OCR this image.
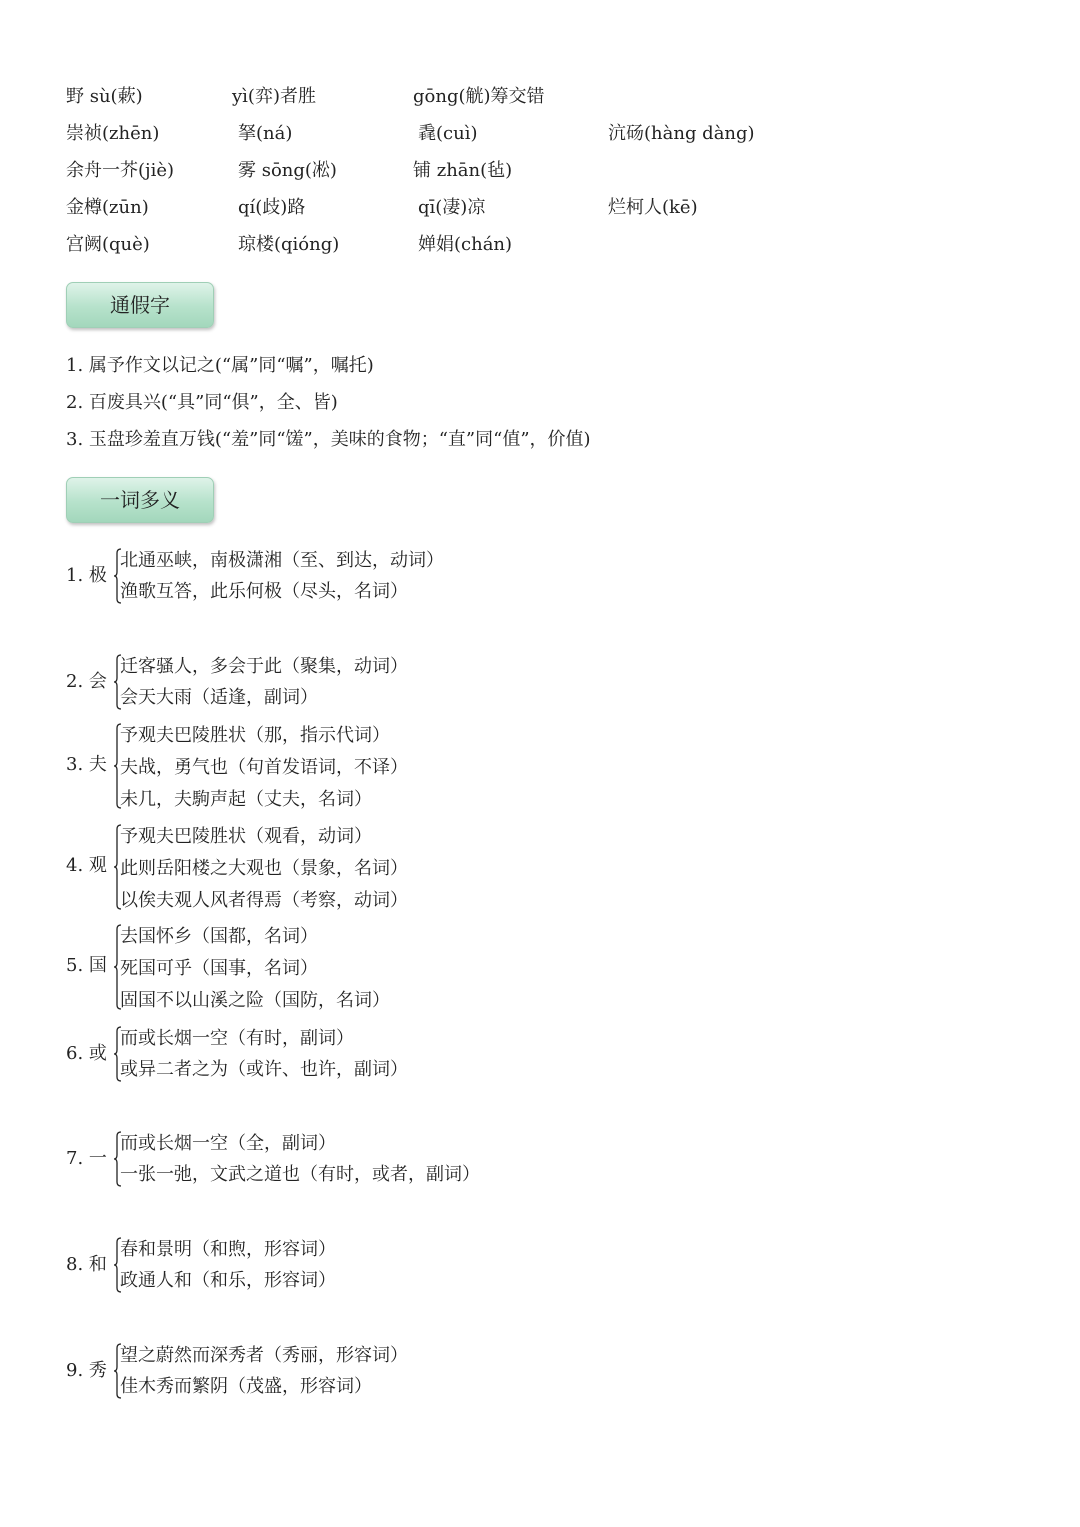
野 sù(蔌)	yì(弈)者胜	gōng(觥)筹交错
崇祯(zhēn)	拏(ná)	毳(cuì)	沆砀(hàng dàng)
余舟一芥(jiè)	雾 sōng(凇)	铺 zhān(毡)
金樽(zūn)	qí(歧)路	qī(凄)凉	烂柯人(kē)
宫阙(què)	琼楼(qióng)	婵娟(chán)
通假字
1. 属予作文以记之(“属”同“嘱”，嘱托)
2. 百废具兴(“具”同“俱”，全、皆)
3. 玉盘珍羞直万钱(“羞”同“馐”，美味的食物；“直”同“值”，价值)
一词多义
1. 极
北通巫峡，南极潇湘（至、到达，动词）
渔歌互答，此乐何极（尽头，名词）
2. 会
迁客骚人，多会于此（聚集，动词）
会天大雨（适逢，副词）
3. 夫
予观夫巴陵胜状（那，指示代词）
夫战，勇气也（句首发语词，不译）
未几，夫駒声起（丈夫，名词）
4. 观
予观夫巴陵胜状（观看，动词）
此则岳阳楼之大观也（景象，名词）
以俟夫观人风者得焉（考察，动词）
5. 国
去国怀乡（国都，名词）
死国可乎（国事，名词）
固国不以山溪之险（国防，名词）
6. 或
而或长烟一空（有时，副词）
或异二者之为（或许、也许，副词）
7. 一
而或长烟一空（全，副词）
一张一弛，文武之道也（有时，或者，副词）
8. 和
春和景明（和煦，形容词）
政通人和（和乐，形容词）
9. 秀
望之蔚然而深秀者（秀丽，形容词）
佳木秀而繁阴（茂盛，形容词）
